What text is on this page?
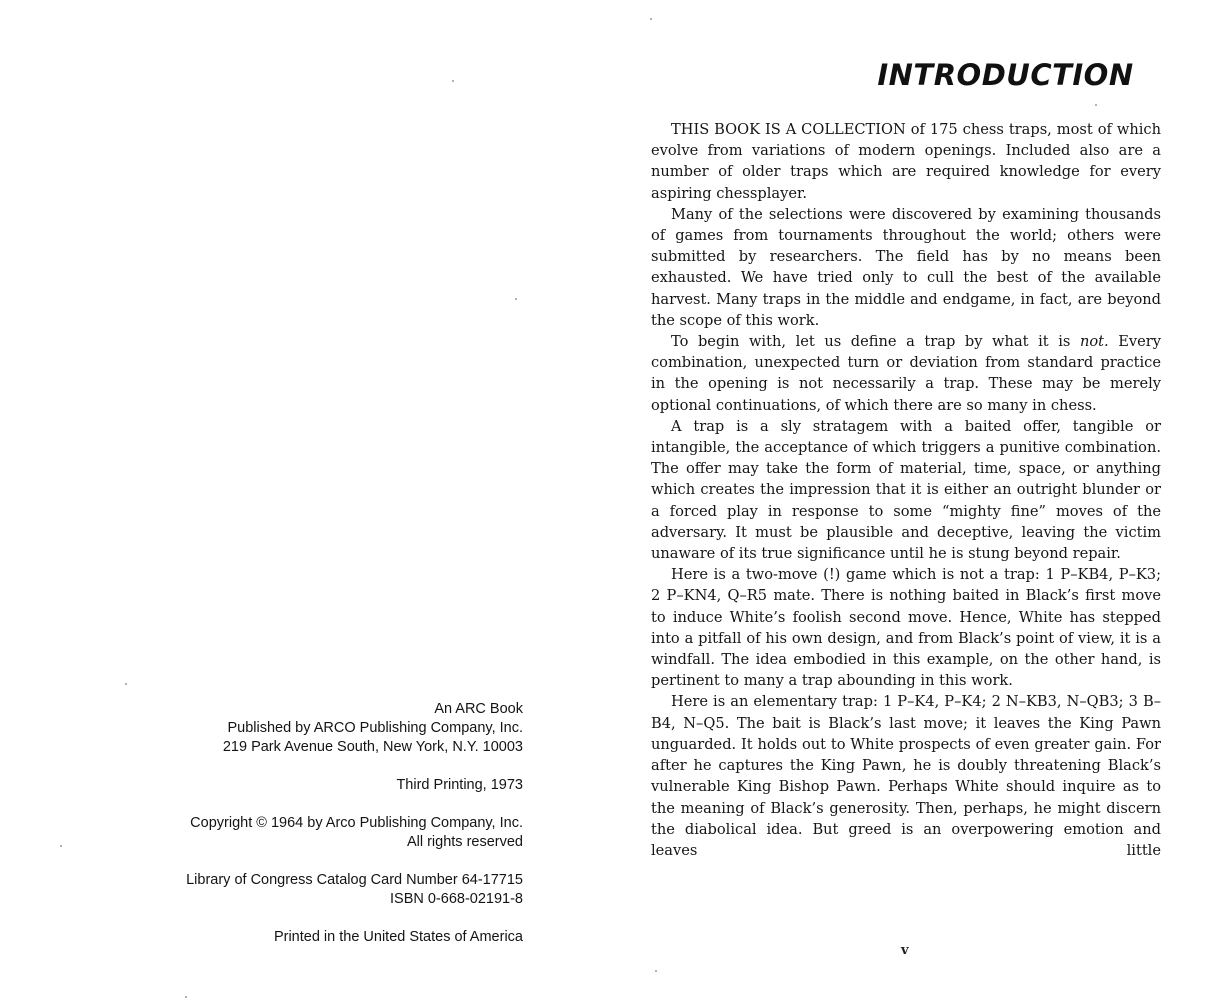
An ARC Book
Published by ARCO Publishing Company, Inc.
219 Park Avenue South, New York, N.Y. 10003
Third Printing, 1973
Copyright © 1964 by Arco Publishing Company, Inc.
All rights reserved
Library of Congress Catalog Card Number 64-17715
ISBN 0-668-02191-8
Printed in the United States of America
INTRODUCTION

THIS BOOK IS A COLLECTION of 175 chess traps, most of which evolve from variations of modern openings. Included also are a number of older traps which are required knowledge for every aspiring chessplayer.

Many of the selections were discovered by examining thousands of games from tournaments throughout the world; others were submitted by researchers. The field has by no means been exhausted. We have tried only to cull the best of the available harvest. Many traps in the middle and endgame, in fact, are beyond the scope of this work.

To begin with, let us define a trap by what it is not. Every combination, unexpected turn or deviation from standard practice in the opening is not necessarily a trap. These may be merely optional continuations, of which there are so many in chess.

A trap is a sly stratagem with a baited offer, tangible or intangible, the acceptance of which triggers a punitive combination. The offer may take the form of material, time, space, or anything which creates the impression that it is either an outright blunder or a forced play in response to some “mighty fine” moves of the adversary. It must be plausible and deceptive, leaving the victim unaware of its true significance until he is stung beyond repair.

Here is a two-move (!) game which is not a trap: 1 P–KB4, P–K3; 2 P–KN4, Q–R5 mate. There is nothing baited in Black’s first move to induce White’s foolish second move. Hence, White has stepped into a pitfall of his own design, and from Black’s point of view, it is a windfall. The idea embodied in this example, on the other hand, is pertinent to many a trap abounding in this work.

Here is an elementary trap: 1 P–K4, P–K4; 2 N–KB3, N–QB3; 3 B–B4, N–Q5. The bait is Black’s last move; it leaves the King Pawn unguarded. It holds out to White prospects of even greater gain. For after he captures the King Pawn, he is doubly threatening Black’s vulnerable King Bishop Pawn. Perhaps White should inquire as to the meaning of Black’s generosity. Then, perhaps, he might discern the diabolical idea. But greed is an overpowering emotion and leaves little

v
